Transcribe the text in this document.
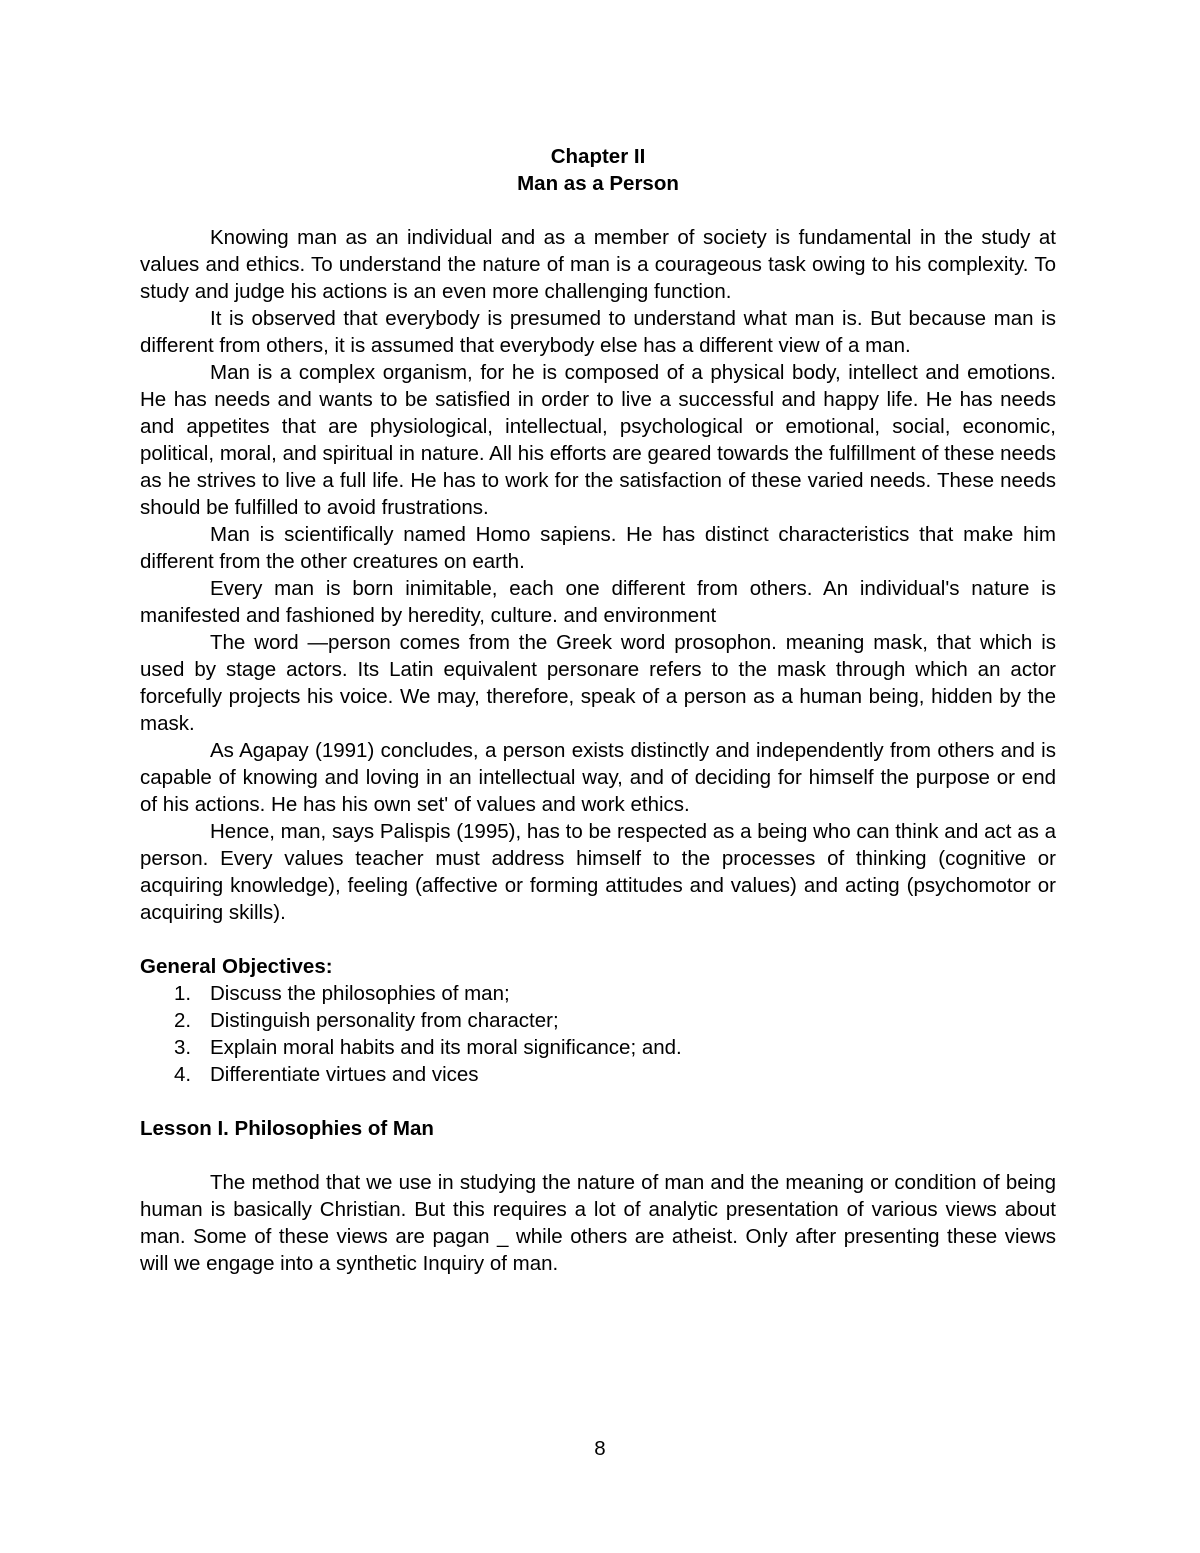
Chapter II

Man as a Person

Knowing man as an individual and as a member of society is fundamental in the study at values and ethics. To understand the nature of man is a courageous task owing to his complexity. To study and judge his actions is an even more challenging function.

It is observed that everybody is presumed to understand what man is. But because man is different from others, it is assumed that everybody else has a different view of a man.

Man is a complex organism, for he is composed of a physical body, intellect and emotions. He has needs and wants to be satisfied in order to live a successful and happy life. He has needs and appetites that are physiological, intellectual, psychological or emotional, social, economic, political, moral, and spiritual in nature. All his efforts are geared towards the fulfillment of these needs as he strives to live a full life. He has to work for the satisfaction of these varied needs. These needs should be fulfilled to avoid frustrations.

Man is scientifically named Homo sapiens. He has distinct characteristics that make him different from the other creatures on earth.

Every man is born inimitable, each one different from others. An individual's nature is manifested and fashioned by heredity, culture. and environment

The word —person comes from the Greek word prosophon. meaning mask, that which is used by stage actors. Its Latin equivalent personare refers to the mask through which an actor forcefully projects his voice. We may, therefore, speak of a person as a human being, hidden by the mask.

As Agapay (1991) concludes, a person exists distinctly and independently from others and is capable of knowing and loving in an intellectual way, and of deciding for himself the purpose or end of his actions. He has his own set' of values and work ethics.

Hence, man, says Palispis (1995), has to be respected as a being who can think and act as a person. Every values teacher must address himself to the processes of thinking (cognitive or acquiring knowledge), feeling (affective or forming attitudes and values) and acting (psychomotor or acquiring skills).

General Objectives:

1. Discuss the philosophies of man;
2. Distinguish personality from character;
3. Explain moral habits and its moral significance; and.
4. Differentiate virtues and vices

Lesson I. Philosophies of Man

The method that we use in studying the nature of man and the meaning or condition of being human is basically Christian. But this requires a lot of analytic presentation of various views about man. Some of these views are pagan _ while others are atheist. Only after presenting these views will we engage into a synthetic Inquiry of man.

8
